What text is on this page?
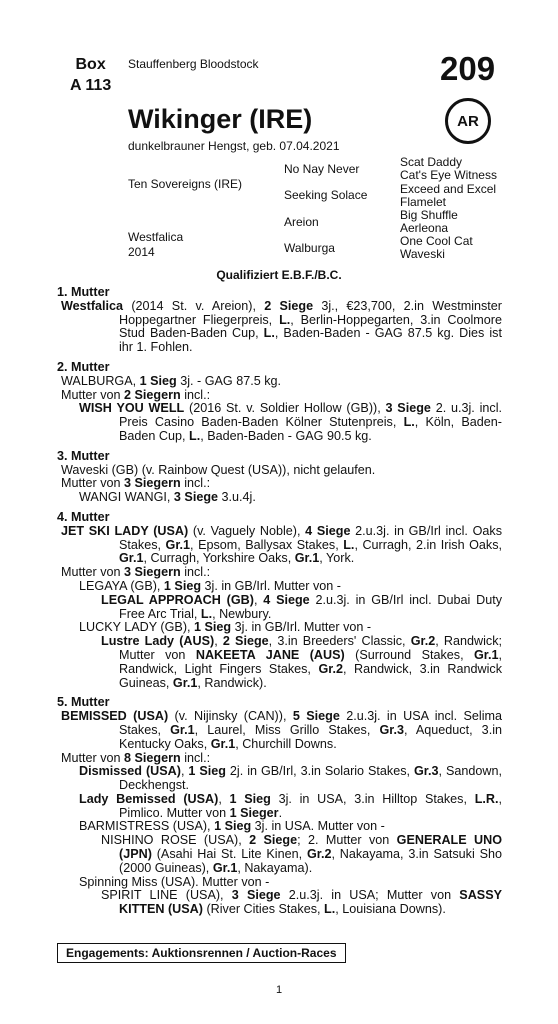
Box
A 113
Stauffenberg Bloodstock	209
Wikinger (IRE)
dunkelbrauner Hengst, geb. 07.04.2021
AR
Ten Sovereigns (IRE)
Westfalica
2014
No Nay Never
Seeking Solace
Areion
Walburga
Scat Daddy
Cat's Eye Witness
Exceed and Excel
Flamelet
Big Shuffle
Aerleona
One Cool Cat
Waveski
Qualifiziert E.B.F./B.C.
1. Mutter
Westfalica (2014 St. v. Areion), 2 Siege 3j., €23,700, 2.in Westminster Hoppegartner Fliegerpreis, L., Berlin-Hoppegarten, 3.in Coolmore Stud Baden-Baden Cup, L., Baden-Baden - GAG 87.5 kg. Dies ist ihr 1. Fohlen.
2. Mutter
WALBURGA, 1 Sieg 3j. - GAG 87.5 kg.
Mutter von 2 Siegern incl.:
WISH YOU WELL (2016 St. v. Soldier Hollow (GB)), 3 Siege 2. u.3j. incl. Preis Casino Baden-Baden Kölner Stutenpreis, L., Köln, Baden-Baden Cup, L., Baden-Baden - GAG 90.5 kg.
3. Mutter
Waveski (GB) (v. Rainbow Quest (USA)), nicht gelaufen.
Mutter von 3 Siegern incl.:
WANGI WANGI, 3 Siege 3.u.4j.
4. Mutter
JET SKI LADY (USA) (v. Vaguely Noble), 4 Siege 2.u.3j. in GB/Irl incl. Oaks Stakes, Gr.1, Epsom, Ballysax Stakes, L., Curragh, 2.in Irish Oaks, Gr.1, Curragh, Yorkshire Oaks, Gr.1, York.
Mutter von 3 Siegern incl.:
LEGAYA (GB), 1 Sieg 3j. in GB/Irl. Mutter von -
LEGAL APPROACH (GB), 4 Siege 2.u.3j. in GB/Irl incl. Dubai Duty Free Arc Trial, L., Newbury.
LUCKY LADY (GB), 1 Sieg 3j. in GB/Irl. Mutter von -
Lustre Lady (AUS), 2 Siege, 3.in Breeders' Classic, Gr.2, Randwick; Mutter von NAKEETA JANE (AUS) (Surround Stakes, Gr.1, Randwick, Light Fingers Stakes, Gr.2, Randwick, 3.in Randwick Guineas, Gr.1, Randwick).
5. Mutter
BEMISSED (USA) (v. Nijinsky (CAN)), 5 Siege 2.u.3j. in USA incl. Selima Stakes, Gr.1, Laurel, Miss Grillo Stakes, Gr.3, Aqueduct, 3.in Kentucky Oaks, Gr.1, Churchill Downs.
Mutter von 8 Siegern incl.:
Dismissed (USA), 1 Sieg 2j. in GB/Irl, 3.in Solario Stakes, Gr.3, Sandown, Deckhengst.
Lady Bemissed (USA), 1 Sieg 3j. in USA, 3.in Hilltop Stakes, L.R., Pimlico. Mutter von 1 Sieger.
BARMISTRESS (USA), 1 Sieg 3j. in USA. Mutter von -
NISHINO ROSE (USA), 2 Siege; 2. Mutter von GENERALE UNO (JPN) (Asahi Hai St. Lite Kinen, Gr.2, Nakayama, 3.in Satsuki Sho (2000 Guineas), Gr.1, Nakayama).
Spinning Miss (USA). Mutter von -
SPIRIT LINE (USA), 3 Siege 2.u.3j. in USA; Mutter von SASSY KITTEN (USA) (River Cities Stakes, L., Louisiana Downs).
Engagements: Auktionsrennen / Auction-Races
1
